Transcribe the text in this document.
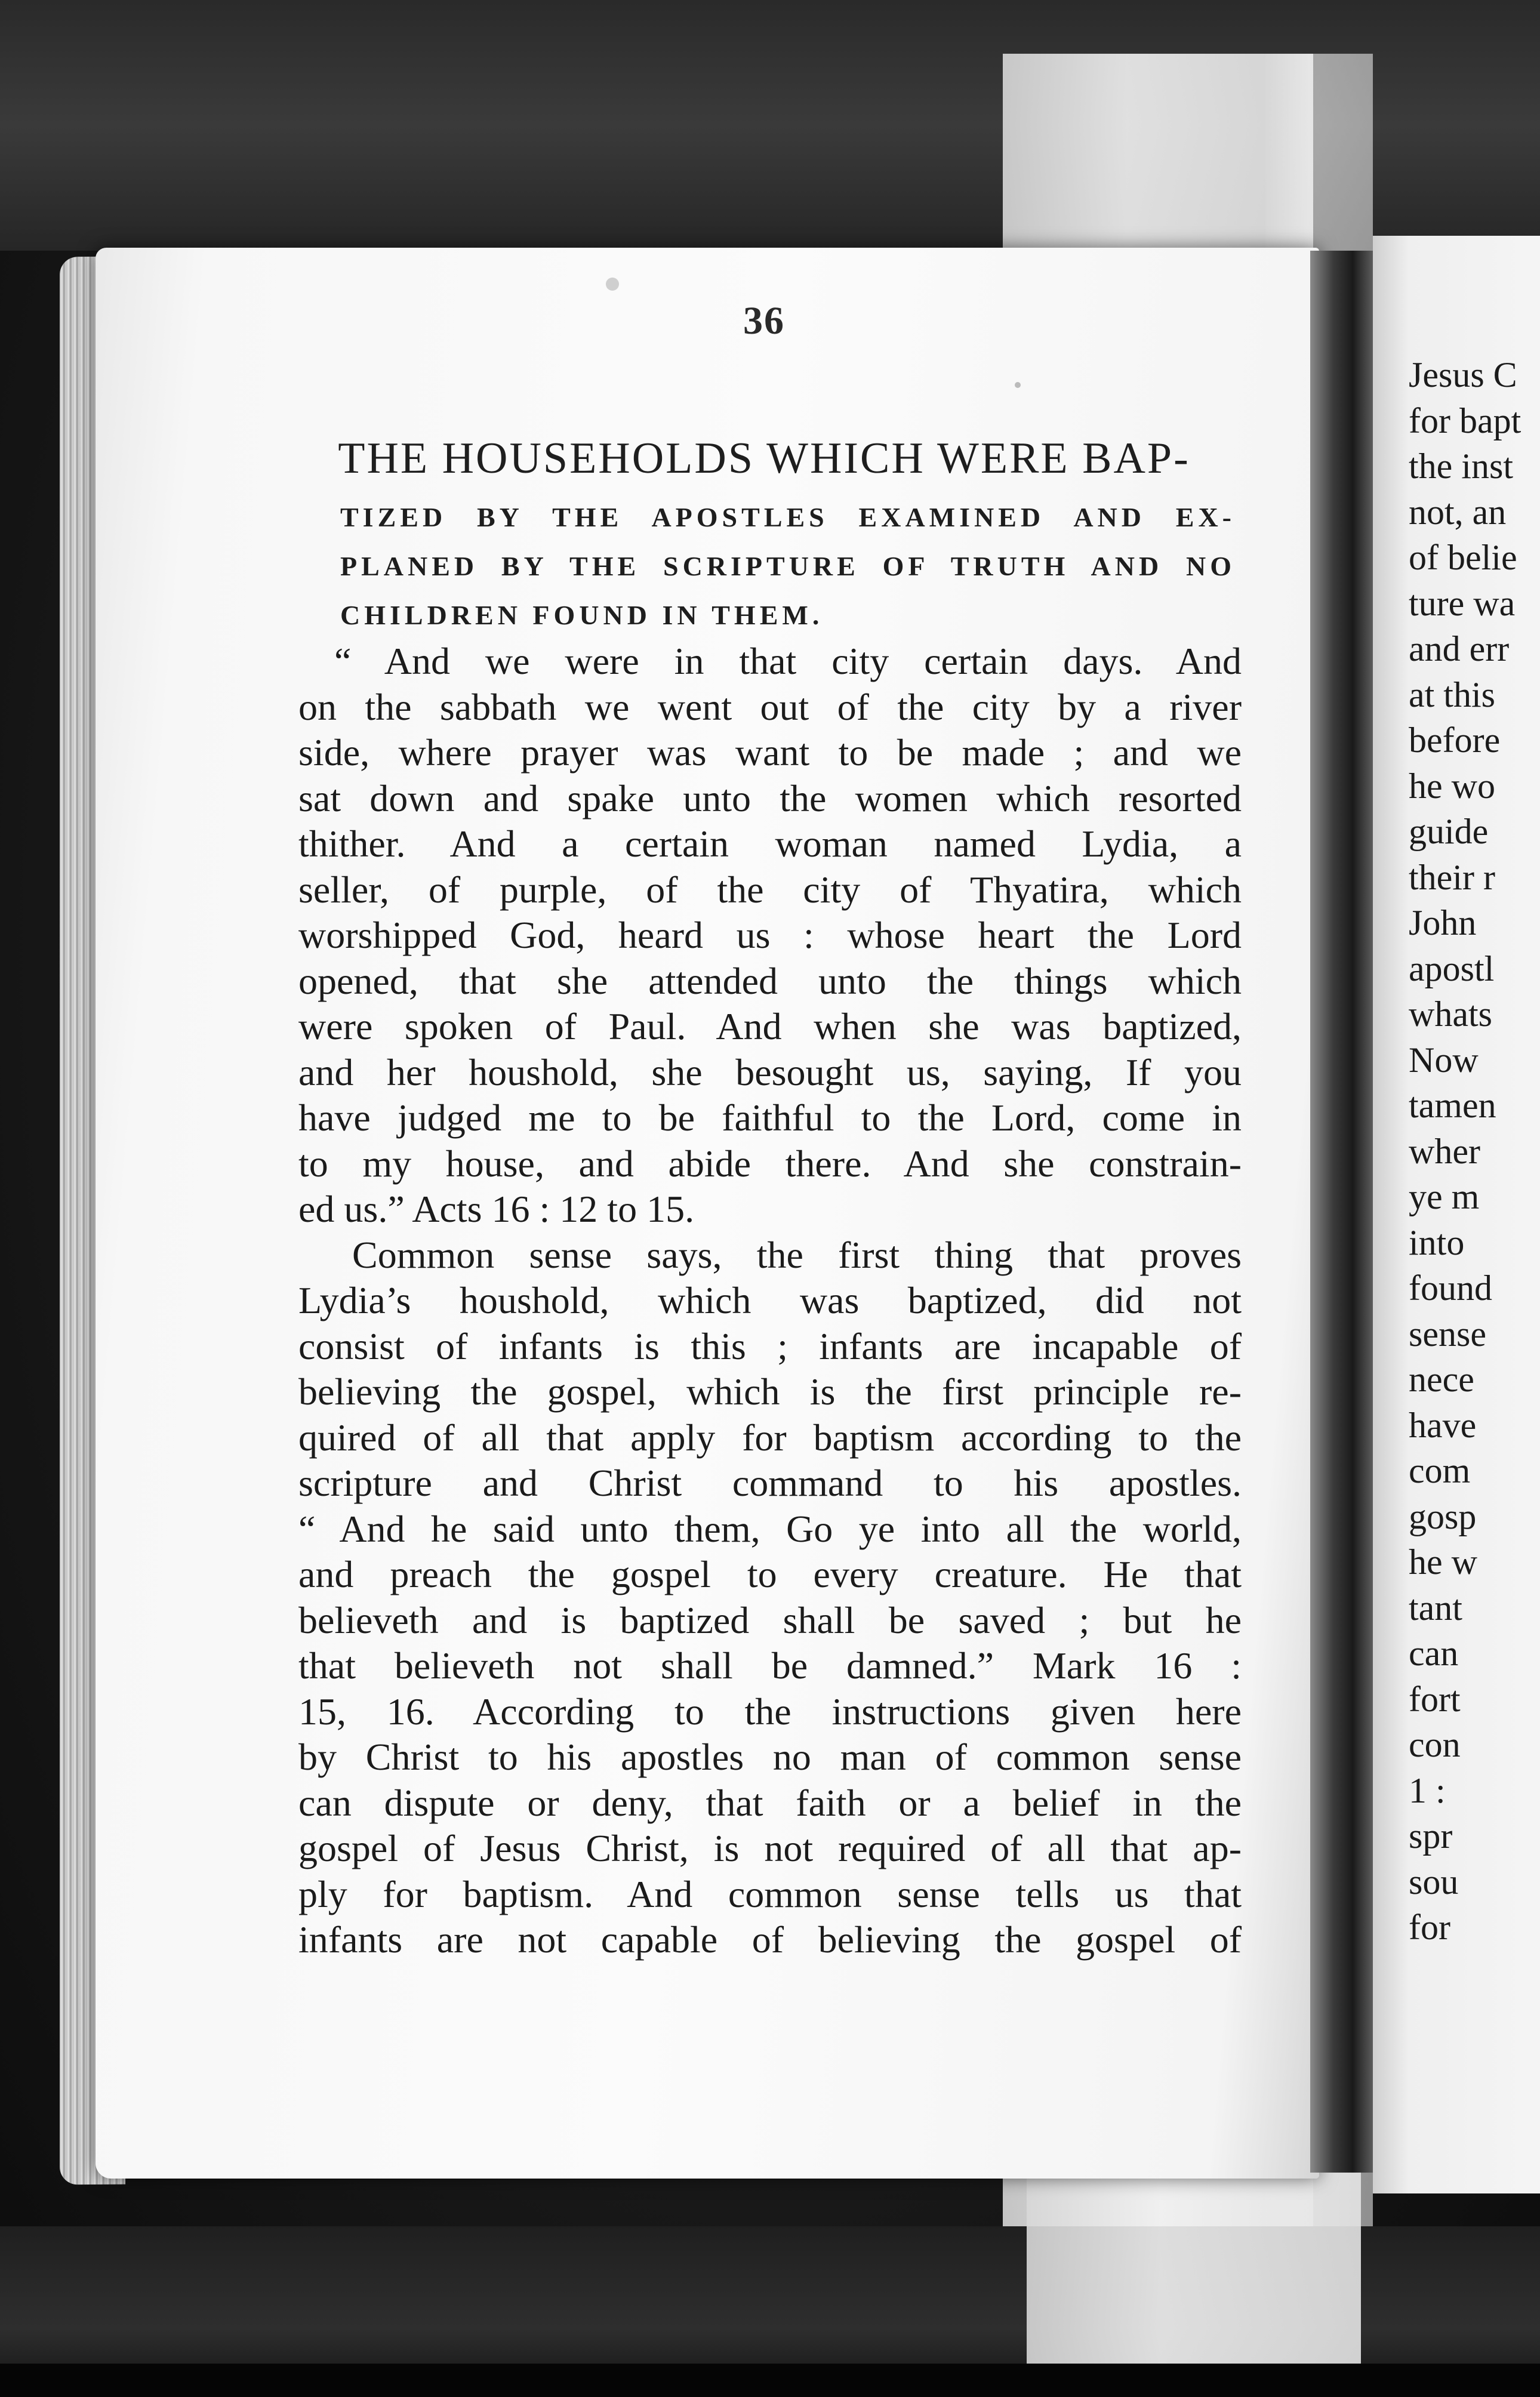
36
THE HOUSEHOLDS WHICH WERE BAP-
TIZED BY THE APOSTLES EXAMINED AND EX-
PLANED BY THE SCRIPTURE OF TRUTH AND NO
CHILDREN FOUND IN THEM.
“ And we were in that city certain days. And
on the sabbath we went out of the city by a river
side, where prayer was want to be made ; and we
sat down and spake unto the women which resorted
thither. And a certain woman named Lydia, a
seller, of purple, of the city of Thyatira, which
worshipped God, heard us : whose heart the Lord
opened, that she attended unto the things which
were spoken of Paul. And when she was baptized,
and her houshold, she besought us, saying, If you
have judged me to be faithful to the Lord, come in
to my house, and abide there. And she constrain-
ed us.” Acts 16 : 12 to 15.
Common sense says, the first thing that proves
Lydia’s houshold, which was baptized, did not
consist of infants is this ; infants are incapable of
believing the gospel, which is the first principle re-
quired of all that apply for baptism according to the
scripture and Christ command to his apostles.
“ And he said unto them, Go ye into all the world,
and preach the gospel to every creature. He that
believeth and is baptized shall be saved ; but he
that believeth not shall be damned.” Mark 16 :
15, 16. According to the instructions given here
by Christ to his apostles no man of common sense
can dispute or deny, that faith or a belief in the
gospel of Jesus Christ, is not required of all that ap-
ply for baptism. And common sense tells us that
infants are not capable of believing the gospel of
Jesus C
for bapt
the inst
not, an
of belie
ture wa
and err
at this
before
he wo
guide
their r
John
apostl
whats
Now
tamen
wher
ye m
into
found
sense
nece
have
com
gosp
he w
tant
can
fort
con
1 :
spr
sou
for
